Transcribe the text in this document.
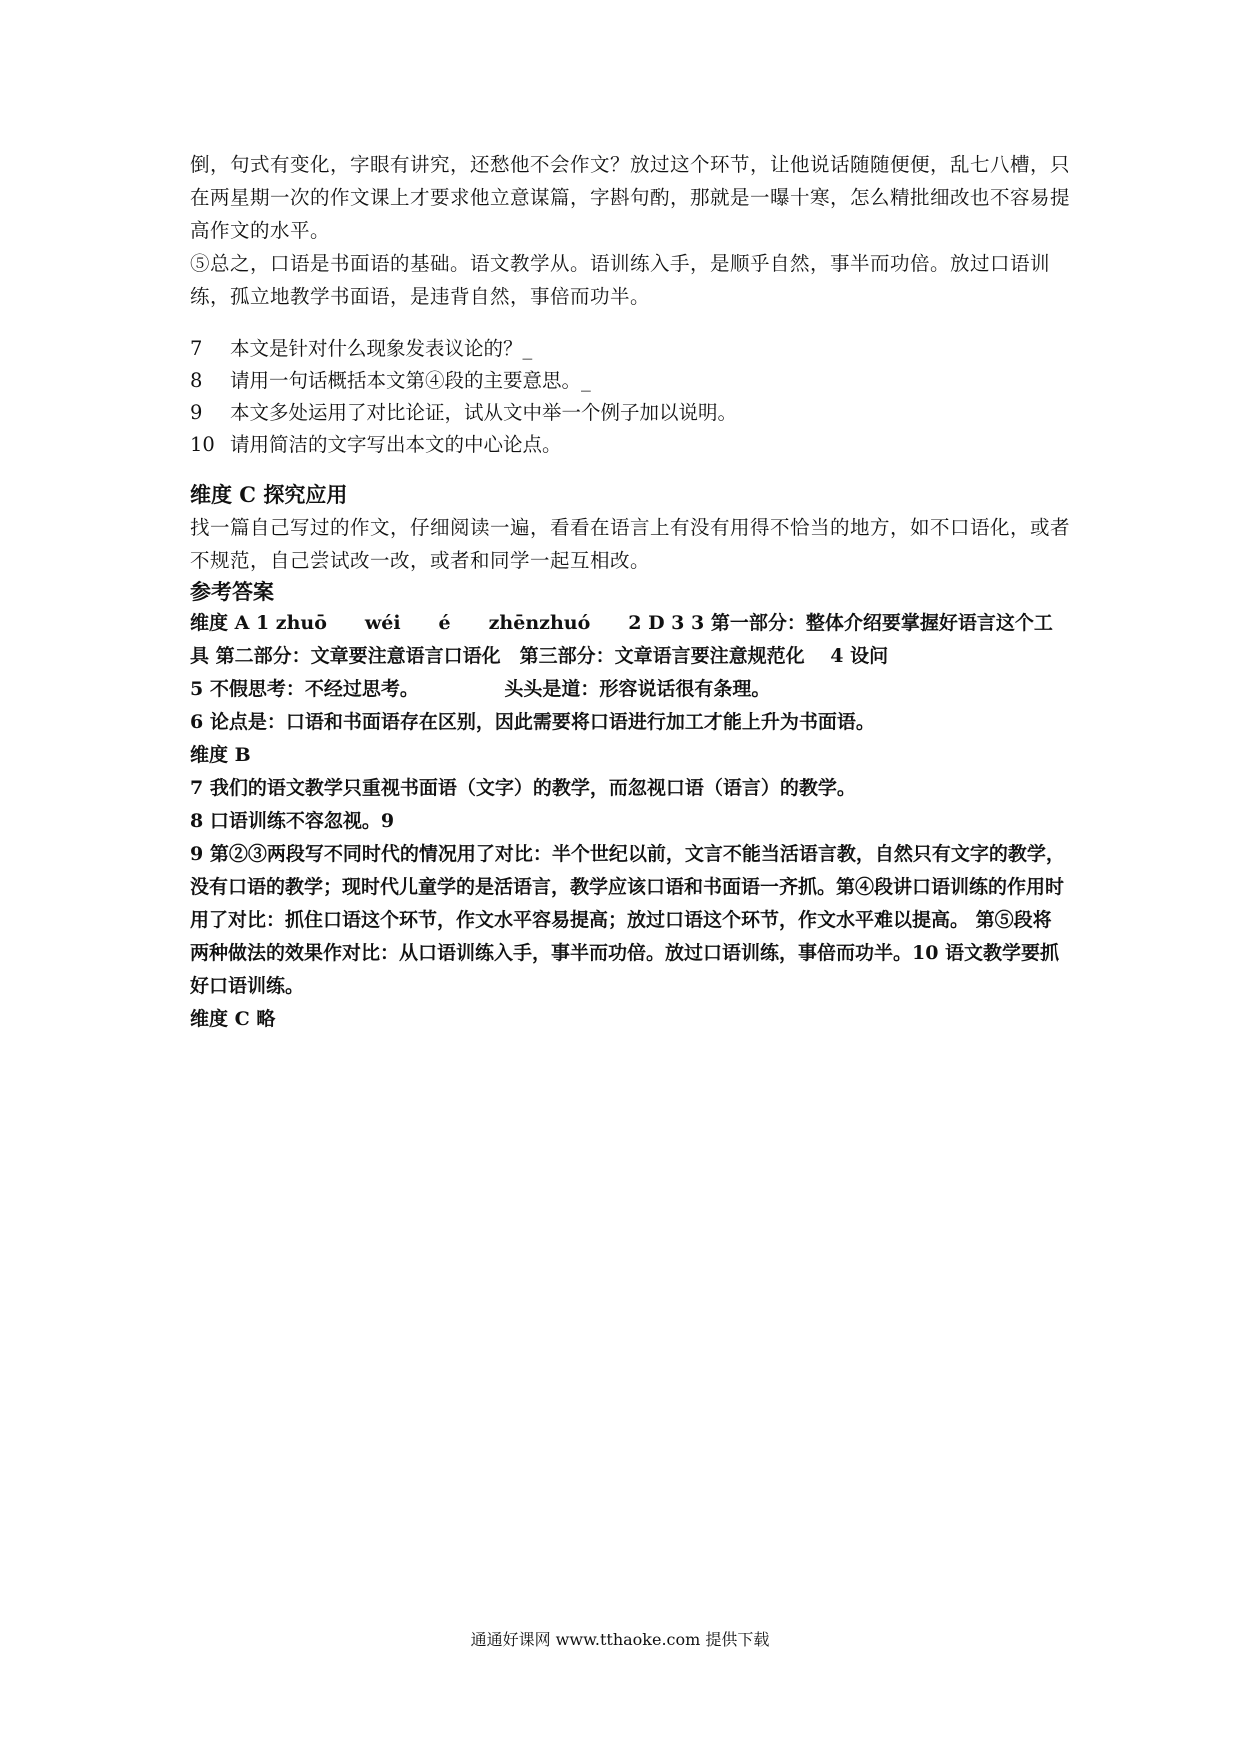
倒，句式有变化，字眼有讲究，还愁他不会作文？放过这个环节，让他说话随随便便，乱七八槽，只在两星期一次的作文课上才要求他立意谋篇，字斟句酌，那就是一曝十寒，怎么精批细改也不容易提高作文的水平。

⑤总之，口语是书面语的基础。语文教学从。语训练入手，是顺乎自然，事半而功倍。放过口语训练，孤立地教学书面语，是违背自然，事倍而功半。

7	本文是针对什么现象发表议论的？_
8	请用一句话概括本文第④段的主要意思。_
9	本文多处运用了对比论证，试从文中举一个例子加以说明。
10 请用简洁的文字写出本文的中心论点。
维度 C 探究应用

找一篇自己写过的作文，仔细阅读一遍，看看在语言上有没有用得不恰当的地方，如不口语化，或者不规范，自己尝试改一改，或者和同学一起互相改。

参考答案

维度 A 1 zhuō　　wéi　　é　　zhēnzhuó　　2 D 3 3 第一部分：整体介绍要掌握好语言这个工具 第二部分：文章要注意语言口语化　第三部分：文章语言要注意规范化　 4 设问

5 不假思考：不经过思考。　　　　　头头是道：形容说话很有条理。

6 论点是：口语和书面语存在区别，因此需要将口语进行加工才能上升为书面语。

维度 B

7 我们的语文教学只重视书面语（文字）的教学，而忽视口语（语言）的教学。

8 口语训练不容忽视。9

9 第②③两段写不同时代的情况用了对比：半个世纪以前，文言不能当活语言教，自然只有文字的教学，没有口语的教学；现时代儿童学的是活语言，教学应该口语和书面语一齐抓。第④段讲口语训练的作用时用了对比：抓住口语这个环节，作文水平容易提高；放过口语这个环节，作文水平难以提高。 第⑤段将两种做法的效果作对比：从口语训练入手，事半而功倍。放过口语训练，事倍而功半。10 语文教学要抓好口语训练。

维度 C 略

通通好课网 www.tthaoke.com 提供下载
